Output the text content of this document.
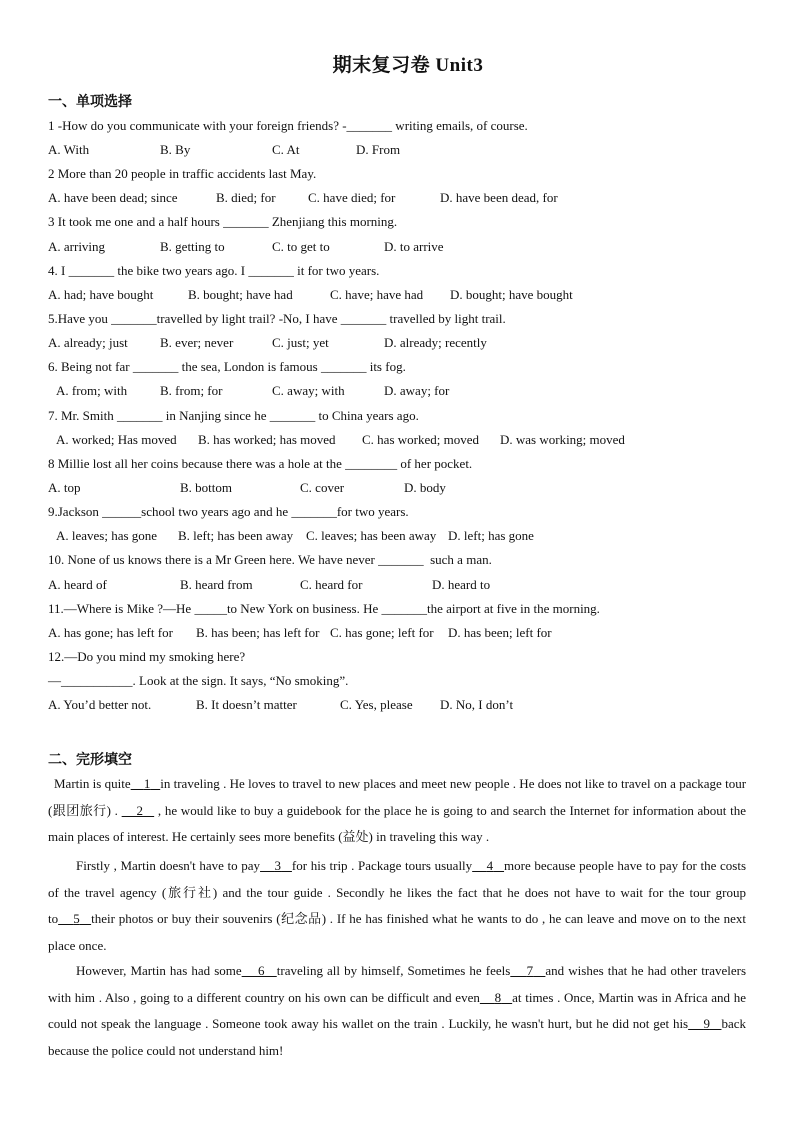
期末复习卷 Unit3
一、单项选择
1 -How do you communicate with your foreign friends? -_______ writing emails, of course.
A. With	B. By	C. At	D. From
2 More than 20 people in traffic accidents last May.
A. have been dead; since	B. died; for C. have died; for	D. have been dead, for
3 It took me one and a half hours _______ Zhenjiang this morning.
A. arriving	B. getting to	C. to get to	D. to arrive
4. I _______ the bike two years ago. I _______ it for two years.
A. had; have bought	B. bought; have had	C. have; have had D. bought; have bought
5.Have you _______travelled by light trail? -No, I have _______ travelled by light trail.
A. already; just B. ever; never	C. just; yet	D. already; recently
6. Being not far _______ the sea, London is famous _______ its fog.
A. from; with	B. from; for	C. away; with	D. away; for
7. Mr. Smith _______ in Nanjing since he _______ to China years ago.
A. worked; Has moved B. has worked; has moved C. has worked; moved D. was working; moved
8 Millie lost all her coins because there was a hole at the ________ of her pocket.
A. top	B. bottom	C. cover	D. body
9.Jackson ______school two years ago and he _______for two years.
A. leaves; has gone B. left; has been away C. leaves; has been away D. left; has gone
10. None of us knows there is a Mr Green here. We have never _______  such a man.
A. heard of	B. heard from	C. heard for	D. heard to
11.—Where is Mike ?—He _____to New York on business. He _______the airport at five in the morning.
A. has gone; has left for B. has been; has left for C. has gone; left for D. has been; left for
12.—Do you mind my smoking here?
—___________. Look at the sign. It says, “No smoking”.
A. You’d better not.	B. It doesn’t matter	C. Yes, please D. No, I don’t
二、完形填空
Martin is quite 1 in traveling . He loves to travel to new places and meet new people . He does not like to travel on a package tour (跟团旅行) .     2    , he would like to buy a guidebook for the place he is going to and search the Internet for information about the main places of interest. He certainly sees more benefits (益处) in traveling this way .
Firstly , Martin doesn't have to pay 3 for his trip . Package tours usually 4 more because people have to pay for the costs of the travel agency (旅行社) and the tour guide . Secondly he likes the fact that he does not have to wait for the tour group to 5 their photos or buy their souvenirs (纪念品) . If he has finished what he wants to do , he can leave and move on to the next place once.
However, Martin has had some 6 traveling all by himself, Sometimes he feels 7 and wishes that he had other travelers with him . Also , going to a different country on his own can be difficult and even 8 at times . Once, Martin was in Africa and he could not speak the language . Someone took away his wallet on the train . Luckily, he wasn't hurt, but he did not get his 9 back because the police could not understand him!
